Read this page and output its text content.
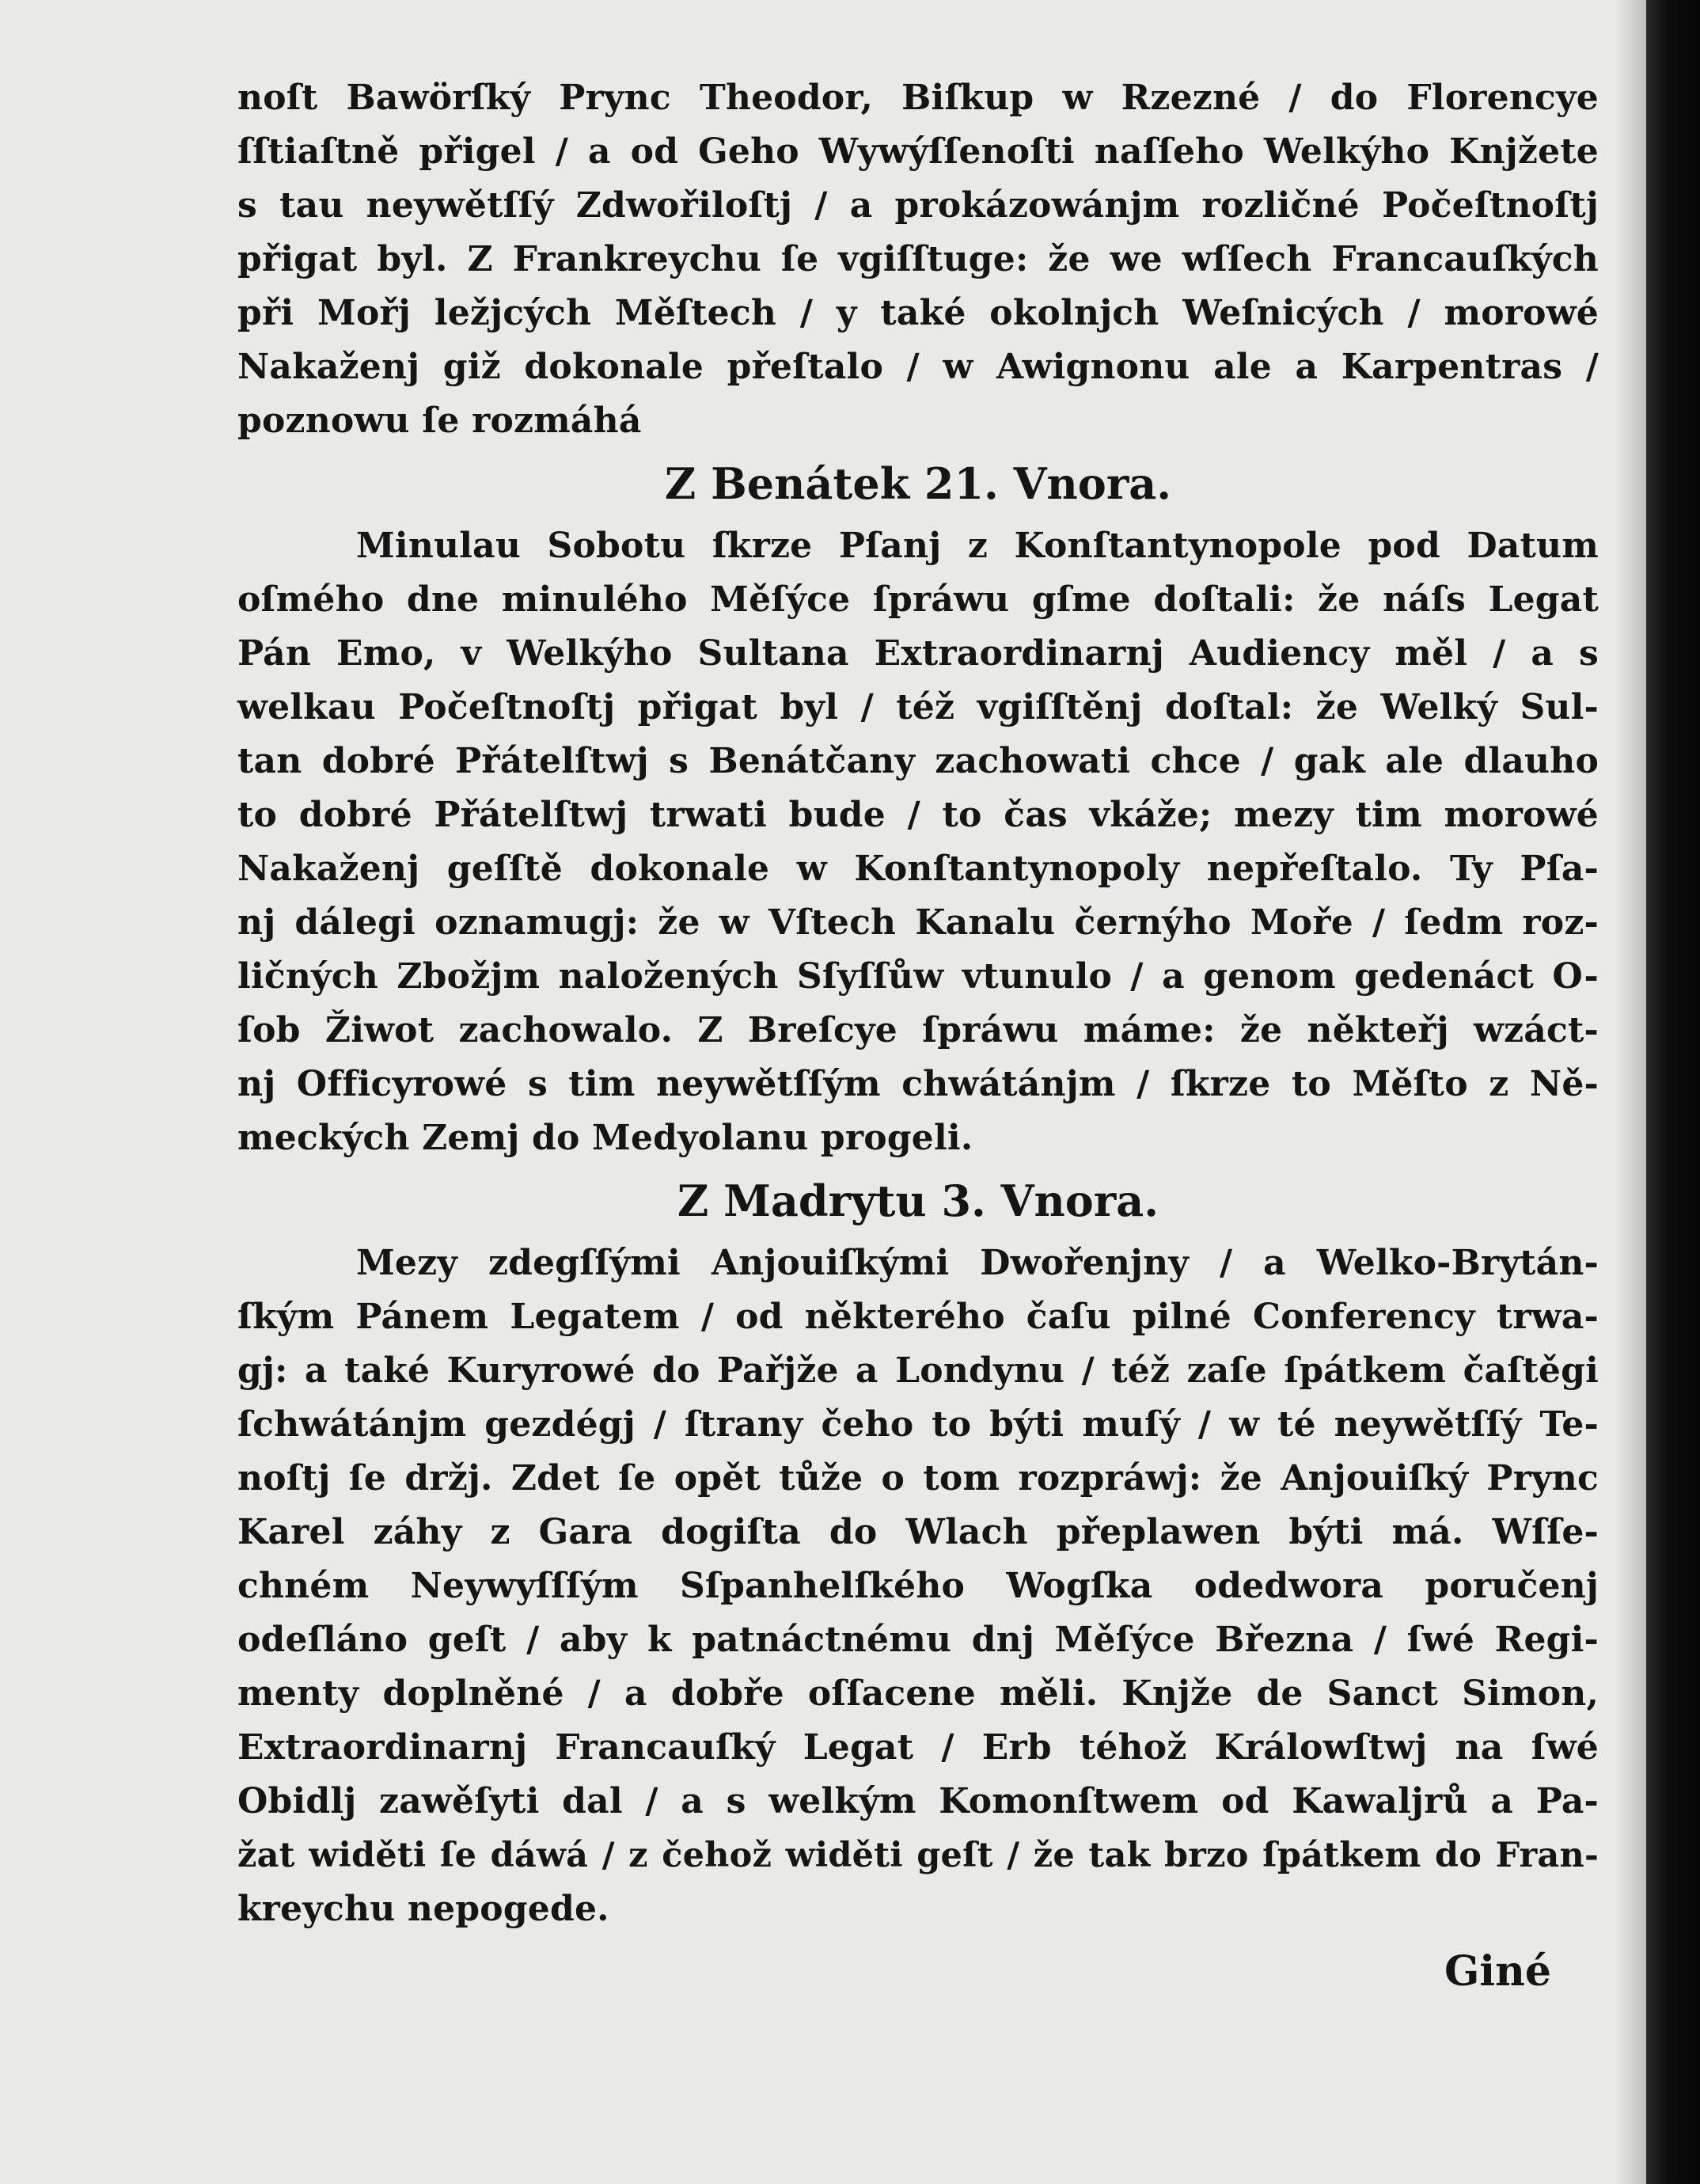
noſt Bawörſký Prync Theodor, Biſkup w Rzezné / do Florencye
ſſtiaſtně přigel / a od Geho Wywýſſenoſti naſſeho Welkýho Knjžete
s tau neywětſſý Zdwořiloſtj / a prokázowánjm rozličné Počeſtnoſtj
přigat byl. Z Frankreychu ſe vgiſſtuge: že we wſſech Francauſkých
při Mořj ležjcých Měſtech / y také okolnjch Weſnicých / morowé
Nakaženj giž dokonale přeſtalo / w Awignonu ale a Karpentras /
poznowu ſe rozmáhá
Z Benátek 21. Vnora.
Minulau Sobotu ſkrze Pſanj z Konſtantynopole pod Datum
oſmého dne minulého Měſýce ſpráwu gſme doſtali: že náſs Legat
Pán Emo, v Welkýho Sultana Extraordinarnj Audiency měl / a s
welkau Počeſtnoſtj přigat byl / též vgiſſtěnj doſtal: že Welký Sul-
tan dobré Přátelſtwj s Benátčany zachowati chce / gak ale dlauho
to dobré Přátelſtwj trwati bude / to čas vkáže; mezy tim morowé
Nakaženj geſſtě dokonale w Konſtantynopoly nepřeſtalo. Ty Pſa-
nj dálegi oznamugj: že w Vſtech Kanalu černýho Moře / ſedm roz-
ličných Zbožjm naložených Sſyſſůw vtunulo / a genom gedenáct O-
ſob Žiwot zachowalo. Z Breſcye ſpráwu máme: že někteřj wzáct-
nj Officyrowé s tim neywětſſým chwátánjm / ſkrze to Měſto z Ně-
meckých Zemj do Medyolanu progeli.
Z Madrytu 3. Vnora.
Mezy zdegſſými Anjouiſkými Dwořenjny / a Welko-Brytán-
ſkým Pánem Legatem / od některého čaſu pilné Conferency trwa-
gj: a také Kuryrowé do Pařjže a Londynu / též zaſe ſpátkem čaſtěgi
ſchwátánjm gezdégj / ſtrany čeho to býti muſý / w té neywětſſý Te-
noſtj ſe držj. Zdet ſe opět tůže o tom rozpráwj: že Anjouiſký Prync
Karel záhy z Gara dogiſta do Wlach přeplawen býti má. Wſſe-
chném Neywyſſſým Sſpanhelſkého Wogſka odedwora poručenj
odeſláno geſt / aby k patnáctnému dnj Měſýce Března / ſwé Regi-
menty doplněné / a dobře oſſacene měli. Knjže de Sanct Simon,
Extraordinarnj Francauſký Legat / Erb téhož Králowſtwj na ſwé
Obidlj zawěſyti dal / a s welkým Komonſtwem od Kawaljrů a Pa-
žat widěti ſe dáwá / z čehož widěti geſt / že tak brzo ſpátkem do Fran-
kreychu nepogede.
Giné
